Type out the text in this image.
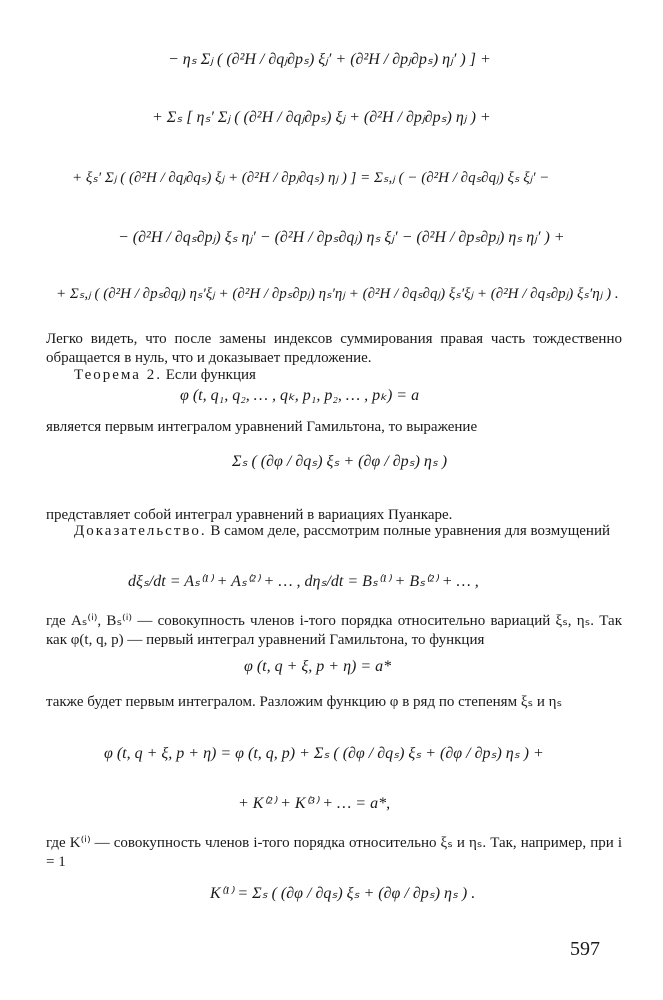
− ηₛ Σⱼ ( (∂²H / ∂qⱼ∂pₛ) ξⱼ′ + (∂²H / ∂pⱼ∂pₛ) ηⱼ′ ) ] +
+ Σₛ [ ηₛ′ Σⱼ ( (∂²H / ∂qⱼ∂pₛ) ξⱼ + (∂²H / ∂pⱼ∂pₛ) ηⱼ ) +
+ ξₛ′ Σⱼ ( (∂²H / ∂qⱼ∂qₛ) ξⱼ + (∂²H / ∂pⱼ∂qₛ) ηⱼ ) ] = Σₛ,ⱼ ( − (∂²H / ∂qₛ∂qⱼ) ξₛ ξⱼ′ −
− (∂²H / ∂qₛ∂pⱼ) ξₛ ηⱼ′ − (∂²H / ∂pₛ∂qⱼ) ηₛ ξⱼ′ − (∂²H / ∂pₛ∂pⱼ) ηₛ ηⱼ′ ) +
+ Σₛ,ⱼ ( (∂²H / ∂pₛ∂qⱼ) ηₛ′ξⱼ + (∂²H / ∂pₛ∂pⱼ) ηₛ′ηⱼ + (∂²H / ∂qₛ∂qⱼ) ξₛ′ξⱼ + (∂²H / ∂qₛ∂pⱼ) ξₛ′ηⱼ ) .
Легко видеть, что после замены индексов суммирования правая часть тождественно обращается в нуль, что и доказывает предложение.
Теорема 2. Если функция
φ (t, q₁, q₂, … , qₖ, p₁, p₂, … , pₖ) = a
является первым интегралом уравнений Гамильтона, то выражение
Σₛ ( (∂φ / ∂qₛ) ξₛ + (∂φ / ∂pₛ) ηₛ )
представляет собой интеграл уравнений в вариациях Пуанкаре.
Доказательство. В самом деле, рассмотрим полные уравнения для возмущений
dξₛ/dt = Aₛ⁽¹⁾ + Aₛ⁽²⁾ + … , dηₛ/dt = Bₛ⁽¹⁾ + Bₛ⁽²⁾ + … ,
где Aₛ⁽ⁱ⁾, Bₛ⁽ⁱ⁾ — совокупность членов i-того порядка относительно вариаций ξₛ, ηₛ. Так как φ(t, q, p) — первый интеграл уравнений Гамильтона, то функция
φ (t, q + ξ, p + η) = a*
также будет первым интегралом. Разложим функцию φ в ряд по степеням ξₛ и ηₛ
φ (t, q + ξ, p + η) = φ (t, q, p) + Σₛ ( (∂φ / ∂qₛ) ξₛ + (∂φ / ∂pₛ) ηₛ ) +
+ K⁽²⁾ + K⁽³⁾ + … = a*,
где K⁽ⁱ⁾ — совокупность членов i-того порядка относительно ξₛ и ηₛ. Так, например, при i = 1
K⁽¹⁾ = Σₛ ( (∂φ / ∂qₛ) ξₛ + (∂φ / ∂pₛ) ηₛ ) .
597
